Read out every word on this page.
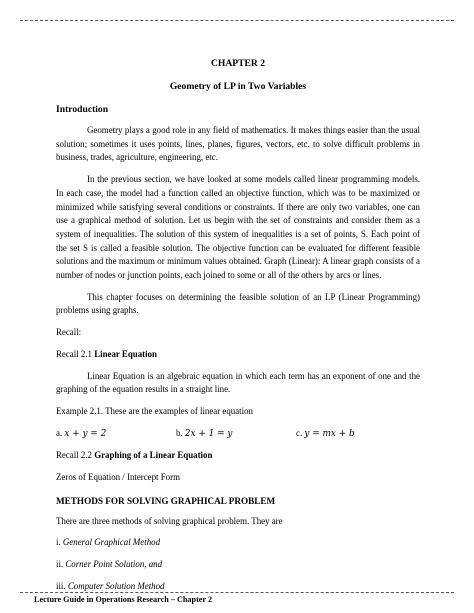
CHAPTER 2
Geometry of LP in Two Variables
Introduction

Geometry plays a good role in any field of mathematics. It makes things easier than the usual solution; sometimes it uses points, lines, planes, figures, vectors, etc. to solve difficult problems in business, trades, agriculture, engineering, etc.

In the previous section, we have looked at some models called linear programming models. In each case, the model had a function called an objective function, which was to be maximized or minimized while satisfying several conditions or constraints. If there are only two variables, one can use a graphical method of solution. Let us begin with the set of constraints and consider them as a system of inequalities. The solution of this system of inequalities is a set of points, S. Each point of the set S is called a feasible solution. The objective function can be evaluated for different feasible solutions and the maximum or minimum values obtained. Graph (Linear): A linear graph consists of a number of nodes or junction points, each joined to some or all of the others by arcs or lines.

This chapter focuses on determining the feasible solution of an LP (Linear Programming) problems using graphs.

Recall:
Recall 2.1 Linear Equation

Linear Equation is an algebraic equation in which each term has an exponent of one and the graphing of the equation results in a straight line.

Example 2.1. These are the examples of linear equation
a. x + y = 2	b. 2x + 1 = y	c. y = mx + b
Recall 2.2 Graphing of a Linear Equation
Zeros of Equation / Intercept Form
METHODS FOR SOLVING GRAPHICAL PROBLEM
There are three methods of solving graphical problem. They are
i. General Graphical Method
ii. Corner Point Solution, and
iii. Computer Solution Method
Lecture Guide in Operations Research – Chapter 2
